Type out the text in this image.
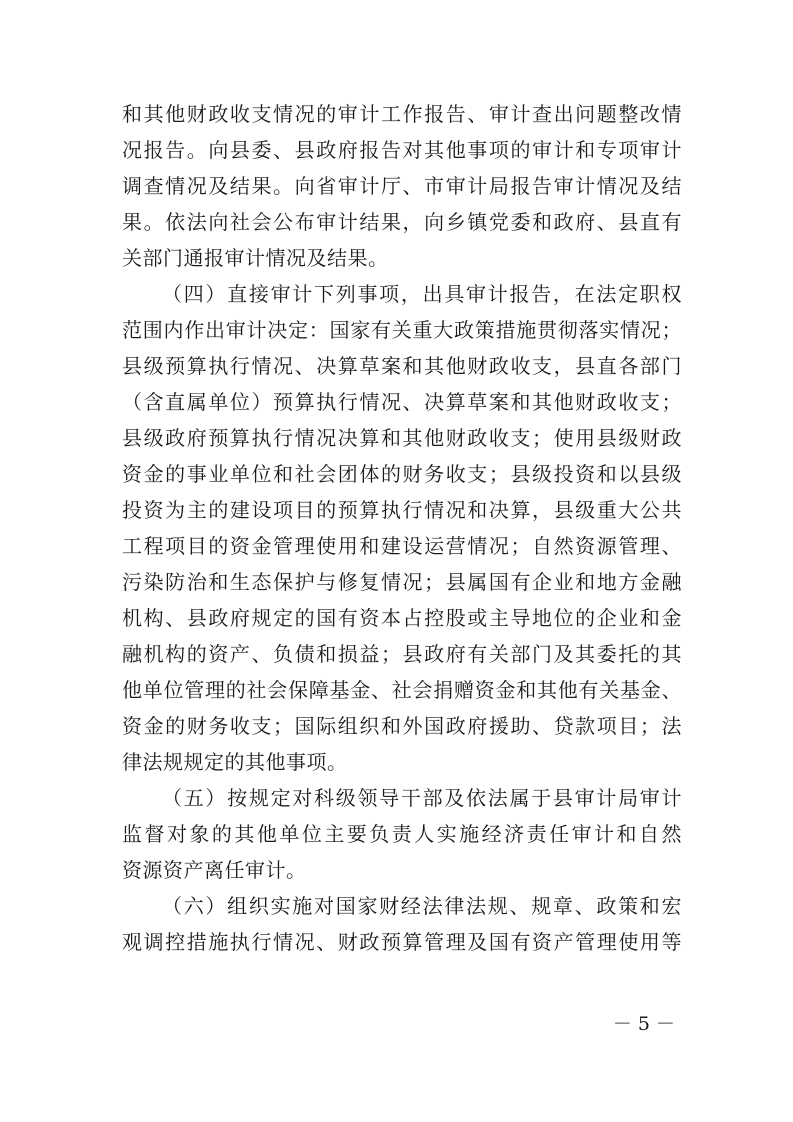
和其他财政收支情况的审计工作报告、审计查出问题整改情
况报告。向县委、县政府报告对其他事项的审计和专项审计
调查情况及结果。向省审计厅、市审计局报告审计情况及结
果。依法向社会公布审计结果，向乡镇党委和政府、县直有
关部门通报审计情况及结果。
（四）直接审计下列事项，出具审计报告，在法定职权
范围内作出审计决定：国家有关重大政策措施贯彻落实情况；
县级预算执行情况、决算草案和其他财政收支，县直各部门
（含直属单位）预算执行情况、决算草案和其他财政收支；
县级政府预算执行情况决算和其他财政收支；使用县级财政
资金的事业单位和社会团体的财务收支；县级投资和以县级
投资为主的建设项目的预算执行情况和决算，县级重大公共
工程项目的资金管理使用和建设运营情况；自然资源管理、
污染防治和生态保护与修复情况；县属国有企业和地方金融
机构、县政府规定的国有资本占控股或主导地位的企业和金
融机构的资产、负债和损益；县政府有关部门及其委托的其
他单位管理的社会保障基金、社会捐赠资金和其他有关基金、
资金的财务收支；国际组织和外国政府援助、贷款项目；法
律法规规定的其他事项。
（五）按规定对科级领导干部及依法属于县审计局审计
监督对象的其他单位主要负责人实施经济责任审计和自然
资源资产离任审计。
（六）组织实施对国家财经法律法规、规章、政策和宏
观调控措施执行情况、财政预算管理及国有资产管理使用等
－ 5 －
